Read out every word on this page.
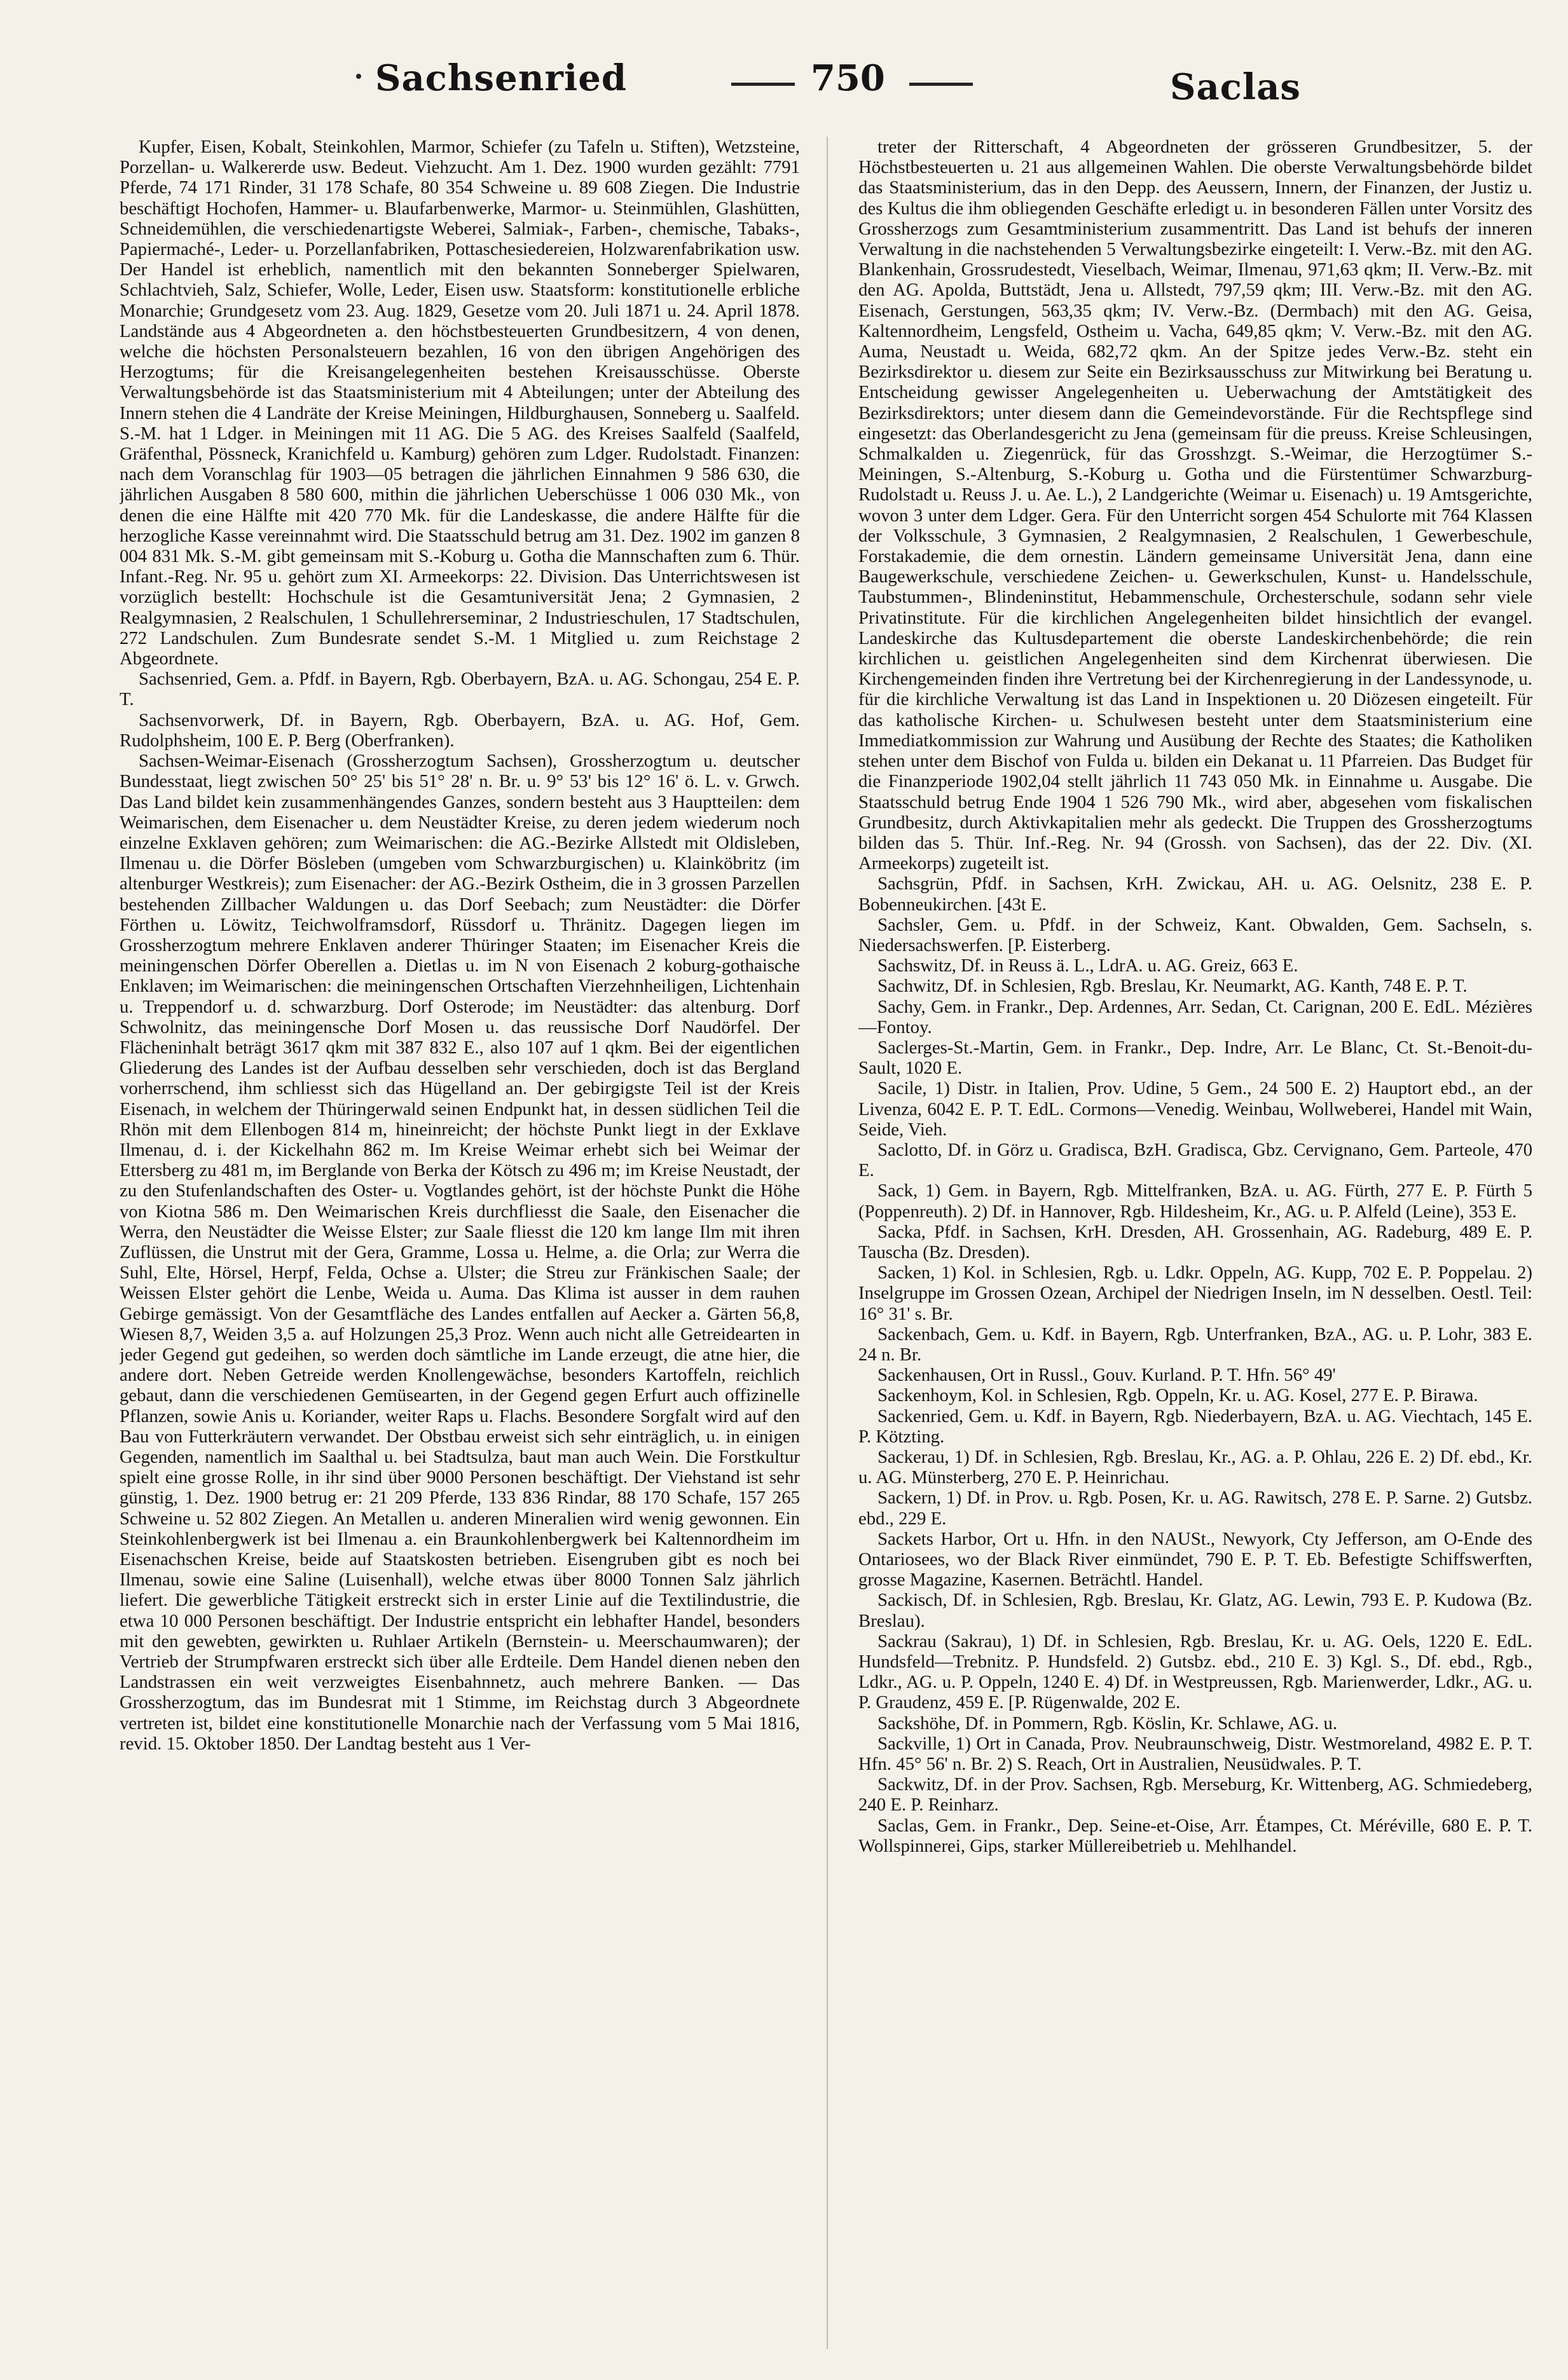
Sachsenried	750	Saclas

Kupfer, Eisen, Kobalt, Steinkohlen, Marmor, Schiefer (zu Tafeln u. Stiften), Wetzsteine, Porzellan- u. Walkererde usw. Bedeut. Viehzucht. Am 1. Dez. 1900 wurden gezählt: 7791 Pferde, 74 171 Rinder, 31 178 Schafe, 80 354 Schweine u. 89 608 Ziegen. Die Industrie beschäftigt Hochofen, Hammer- u. Blaufarbenwerke, Marmor- u. Steinmühlen, Glashütten, Schneidemühlen, die verschiedenartigste Weberei, Salmiak-, Farben-, chemische, Tabaks-, Papiermaché-, Leder- u. Porzellanfabriken, Pottaschesiedereien, Holzwarenfabrikation usw. Der Handel ist erheblich, namentlich mit den bekannten Sonneberger Spielwaren, Schlachtvieh, Salz, Schiefer, Wolle, Leder, Eisen usw. Staatsform: konstitutionelle erbliche Monarchie; Grundgesetz vom 23. Aug. 1829, Gesetze vom 20. Juli 1871 u. 24. April 1878. Landstände aus 4 Abgeordneten a. den höchstbesteuerten Grundbesitzern, 4 von denen, welche die höchsten Personalsteuern bezahlen, 16 von den übrigen Angehörigen des Herzogtums; für die Kreisangelegenheiten bestehen Kreisausschüsse. Oberste Verwaltungsbehörde ist das Staatsministerium mit 4 Abteilungen; unter der Abteilung des Innern stehen die 4 Landräte der Kreise Meiningen, Hildburghausen, Sonneberg u. Saalfeld. S.-M. hat 1 Ldger. in Meiningen mit 11 AG. Die 5 AG. des Kreises Saalfeld (Saalfeld, Gräfenthal, Pössneck, Kranichfeld u. Kamburg) gehören zum Ldger. Rudolstadt. Finanzen: nach dem Voranschlag für 1903—05 betragen die jährlichen Einnahmen 9 586 630, die jährlichen Ausgaben 8 580 600, mithin die jährlichen Ueberschüsse 1 006 030 Mk., von denen die eine Hälfte mit 420 770 Mk. für die Landeskasse, die andere Hälfte für die herzogliche Kasse vereinnahmt wird. Die Staatsschuld betrug am 31. Dez. 1902 im ganzen 8 004 831 Mk. S.-M. gibt gemeinsam mit S.-Koburg u. Gotha die Mannschaften zum 6. Thür. Infant.-Reg. Nr. 95 u. gehört zum XI. Armeekorps: 22. Division. Das Unterrichtswesen ist vorzüglich bestellt: Hochschule ist die Gesamtuniversität Jena; 2 Gymnasien, 2 Realgymnasien, 2 Realschulen, 1 Schullehrerseminar, 2 Industrieschulen, 17 Stadtschulen, 272 Landschulen. Zum Bundesrate sendet S.-M. 1 Mitglied u. zum Reichstage 2 Abgeordnete.

Sachsenried, Gem. a. Pfdf. in Bayern, Rgb. Oberbayern, BzA. u. AG. Schongau, 254 E. P. T.

Sachsenvorwerk, Df. in Bayern, Rgb. Oberbayern, BzA. u. AG. Hof, Gem. Rudolphsheim, 100 E. P. Berg (Oberfranken).

Sachsen-Weimar-Eisenach (Grossherzogtum Sachsen), Grossherzogtum u. deutscher Bundesstaat, liegt zwischen 50° 25' bis 51° 28' n. Br. u. 9° 53' bis 12° 16' ö. L. v. Grwch. Das Land bildet kein zusammenhängendes Ganzes, sondern besteht aus 3 Hauptteilen: dem Weimarischen, dem Eisenacher u. dem Neustädter Kreise, zu deren jedem wiederum noch einzelne Exklaven gehören; zum Weimarischen: die AG.-Bezirke Allstedt mit Oldisleben, Ilmenau u. die Dörfer Bösleben (umgeben vom Schwarzburgischen) u. Klainköbritz (im altenburger Westkreis); zum Eisenacher: der AG.-Bezirk Ostheim, die in 3 grossen Parzellen bestehenden Zillbacher Waldungen u. das Dorf Seebach; zum Neustädter: die Dörfer Förthen u. Löwitz, Teichwolframsdorf, Rüssdorf u. Thränitz. Dagegen liegen im Grossherzogtum mehrere Enklaven anderer Thüringer Staaten; im Eisenacher Kreis die meiningenschen Dörfer Oberellen a. Dietlas u. im N von Eisenach 2 koburg-gothaische Enklaven; im Weimarischen: die meiningenschen Ortschaften Vierzehnheiligen, Lichtenhain u. Treppendorf u. d. schwarzburg. Dorf Osterode; im Neustädter: das altenburg. Dorf Schwolnitz, das meiningensche Dorf Mosen u. das reussische Dorf Naudörfel. Der Flächeninhalt beträgt 3617 qkm mit 387 832 E., also 107 auf 1 qkm. Bei der eigentlichen Gliederung des Landes ist der Aufbau desselben sehr verschieden, doch ist das Bergland vorherrschend, ihm schliesst sich das Hügelland an. Der gebirgigste Teil ist der Kreis Eisenach, in welchem der Thüringerwald seinen Endpunkt hat, in dessen südlichen Teil die Rhön mit dem Ellenbogen 814 m, hineinreicht; der höchste Punkt liegt in der Exklave Ilmenau, d. i. der Kickelhahn 862 m. Im Kreise Weimar erhebt sich bei Weimar der Ettersberg zu 481 m, im Berglande von Berka der Kötsch zu 496 m; im Kreise Neustadt, der zu den Stufenlandschaften des Oster- u. Vogtlandes gehört, ist der höchste Punkt die Höhe von Kiotna 586 m. Den Weimarischen Kreis durchfliesst die Saale, den Eisenacher die Werra, den Neustädter die Weisse Elster; zur Saale fliesst die 120 km lange Ilm mit ihren Zuflüssen, die Unstrut mit der Gera, Gramme, Lossa u. Helme, a. die Orla; zur Werra die Suhl, Elte, Hörsel, Herpf, Felda, Ochse a. Ulster; die Streu zur Fränkischen Saale; der Weissen Elster gehört die Lenbe, Weida u. Auma. Das Klima ist ausser in dem rauhen Gebirge gemässigt. Von der Gesamtfläche des Landes entfallen auf Aecker a. Gärten 56,8, Wiesen 8,7, Weiden 3,5 a. auf Holzungen 25,3 Proz. Wenn auch nicht alle Getreidearten in jeder Gegend gut gedeihen, so werden doch sämtliche im Lande erzeugt, die atne hier, die andere dort. Neben Getreide werden Knollengewächse, besonders Kartoffeln, reichlich gebaut, dann die verschiedenen Gemüsearten, in der Gegend gegen Erfurt auch offizinelle Pflanzen, sowie Anis u. Koriander, weiter Raps u. Flachs. Besondere Sorgfalt wird auf den Bau von Futterkräutern verwandet. Der Obstbau erweist sich sehr einträglich, u. in einigen Gegenden, namentlich im Saalthal u. bei Stadtsulza, baut man auch Wein. Die Forstkultur spielt eine grosse Rolle, in ihr sind über 9000 Personen beschäftigt. Der Viehstand ist sehr günstig, 1. Dez. 1900 betrug er: 21 209 Pferde, 133 836 Rindar, 88 170 Schafe, 157 265 Schweine u. 52 802 Ziegen. An Metallen u. anderen Mineralien wird wenig gewonnen. Ein Steinkohlenbergwerk ist bei Ilmenau a. ein Braunkohlenbergwerk bei Kaltennordheim im Eisenachschen Kreise, beide auf Staatskosten betrieben. Eisengruben gibt es noch bei Ilmenau, sowie eine Saline (Luisenhall), welche etwas über 8000 Tonnen Salz jährlich liefert. Die gewerbliche Tätigkeit erstreckt sich in erster Linie auf die Textilindustrie, die etwa 10 000 Personen beschäftigt. Der Industrie entspricht ein lebhafter Handel, besonders mit den gewebten, gewirkten u. Ruhlaer Artikeln (Bernstein- u. Meerschaumwaren); der Vertrieb der Strumpfwaren erstreckt sich über alle Erdteile. Dem Handel dienen neben den Landstrassen ein weit verzweigtes Eisenbahnnetz, auch mehrere Banken. — Das Grossherzogtum, das im Bundesrat mit 1 Stimme, im Reichstag durch 3 Abgeordnete vertreten ist, bildet eine konstitutionelle Monarchie nach der Verfassung vom 5 Mai 1816, revid. 15. Oktober 1850. Der Landtag besteht aus 1 Ver-

treter der Ritterschaft, 4 Abgeordneten der grösseren Grundbesitzer, 5. der Höchstbesteuerten u. 21 aus allgemeinen Wahlen. Die oberste Verwaltungsbehörde bildet das Staatsministerium, das in den Depp. des Aeussern, Innern, der Finanzen, der Justiz u. des Kultus die ihm obliegenden Geschäfte erledigt u. in besonderen Fällen unter Vorsitz des Grossherzogs zum Gesamtministerium zusammentritt. Das Land ist behufs der inneren Verwaltung in die nachstehenden 5 Verwaltungsbezirke eingeteilt: I. Verw.-Bz. mit den AG. Blankenhain, Grossrudestedt, Vieselbach, Weimar, Ilmenau, 971,63 qkm; II. Verw.-Bz. mit den AG. Apolda, Buttstädt, Jena u. Allstedt, 797,59 qkm; III. Verw.-Bz. mit den AG. Eisenach, Gerstungen, 563,35 qkm; IV. Verw.-Bz. (Dermbach) mit den AG. Geisa, Kaltennordheim, Lengsfeld, Ostheim u. Vacha, 649,85 qkm; V. Verw.-Bz. mit den AG. Auma, Neustadt u. Weida, 682,72 qkm. An der Spitze jedes Verw.-Bz. steht ein Bezirksdirektor u. diesem zur Seite ein Bezirksausschuss zur Mitwirkung bei Beratung u. Entscheidung gewisser Angelegenheiten u. Ueberwachung der Amtstätigkeit des Bezirksdirektors; unter diesem dann die Gemeindevorstände. Für die Rechtspflege sind eingesetzt: das Oberlandesgericht zu Jena (gemeinsam für die preuss. Kreise Schleusingen, Schmalkalden u. Ziegenrück, für das Grosshzgt. S.-Weimar, die Herzogtümer S.-Meiningen, S.-Altenburg, S.-Koburg u. Gotha und die Fürstentümer Schwarzburg-Rudolstadt u. Reuss J. u. Ae. L.), 2 Landgerichte (Weimar u. Eisenach) u. 19 Amtsgerichte, wovon 3 unter dem Ldger. Gera. Für den Unterricht sorgen 454 Schulorte mit 764 Klassen der Volksschule, 3 Gymnasien, 2 Realgymnasien, 2 Realschulen, 1 Gewerbeschule, Forstakademie, die dem ornestin. Ländern gemeinsame Universität Jena, dann eine Baugewerkschule, verschiedene Zeichen- u. Gewerkschulen, Kunst- u. Handelsschule, Taubstummen-, Blindeninstitut, Hebammenschule, Orchesterschule, sodann sehr viele Privatinstitute. Für die kirchlichen Angelegenheiten bildet hinsichtlich der evangel. Landeskirche das Kultusdepartement die oberste Landeskirchenbehörde; die rein kirchlichen u. geistlichen Angelegenheiten sind dem Kirchenrat überwiesen. Die Kirchengemeinden finden ihre Vertretung bei der Kirchenregierung in der Landessynode, u. für die kirchliche Verwaltung ist das Land in Inspektionen u. 20 Diözesen eingeteilt. Für das katholische Kirchen- u. Schulwesen besteht unter dem Staatsministerium eine Immediatkommission zur Wahrung und Ausübung der Rechte des Staates; die Katholiken stehen unter dem Bischof von Fulda u. bilden ein Dekanat u. 11 Pfarreien. Das Budget für die Finanzperiode 1902,04 stellt jährlich 11 743 050 Mk. in Einnahme u. Ausgabe. Die Staatsschuld betrug Ende 1904 1 526 790 Mk., wird aber, abgesehen vom fiskalischen Grundbesitz, durch Aktivkapitalien mehr als gedeckt. Die Truppen des Grossherzogtums bilden das 5. Thür. Inf.-Reg. Nr. 94 (Grossh. von Sachsen), das der 22. Div. (XI. Armeekorps) zugeteilt ist.

Sachsgrün, Pfdf. in Sachsen, KrH. Zwickau, AH. u. AG. Oelsnitz, 238 E. P. Bobenneukirchen. [43t E.

Sachsler, Gem. u. Pfdf. in der Schweiz, Kant. Obwalden, Gem. Sachseln, s. Niedersachswerfen. [P. Eisterberg.

Sachswitz, Df. in Reuss ä. L., LdrA. u. AG. Greiz, 663 E.

Sachwitz, Df. in Schlesien, Rgb. Breslau, Kr. Neumarkt, AG. Kanth, 748 E. P. T.

Sachy, Gem. in Frankr., Dep. Ardennes, Arr. Sedan, Ct. Carignan, 200 E. EdL. Mézières—Fontoy.

Saclerges-St.-Martin, Gem. in Frankr., Dep. Indre, Arr. Le Blanc, Ct. St.-Benoit-du-Sault, 1020 E.

Sacile, 1) Distr. in Italien, Prov. Udine, 5 Gem., 24 500 E. 2) Hauptort ebd., an der Livenza, 6042 E. P. T. EdL. Cormons—Venedig. Weinbau, Wollweberei, Handel mit Wain, Seide, Vieh.

Saclotto, Df. in Görz u. Gradisca, BzH. Gradisca, Gbz. Cervignano, Gem. Parteole, 470 E.

Sack, 1) Gem. in Bayern, Rgb. Mittelfranken, BzA. u. AG. Fürth, 277 E. P. Fürth 5 (Poppenreuth). 2) Df. in Hannover, Rgb. Hildesheim, Kr., AG. u. P. Alfeld (Leine), 353 E.

Sacka, Pfdf. in Sachsen, KrH. Dresden, AH. Grossenhain, AG. Radeburg, 489 E. P. Tauscha (Bz. Dresden).

Sacken, 1) Kol. in Schlesien, Rgb. u. Ldkr. Oppeln, AG. Kupp, 702 E. P. Poppelau. 2) Inselgruppe im Grossen Ozean, Archipel der Niedrigen Inseln, im N desselben. Oestl. Teil: 16° 31' s. Br.

Sackenbach, Gem. u. Kdf. in Bayern, Rgb. Unterfranken, BzA., AG. u. P. Lohr, 383 E. 24 n. Br.

Sackenhausen, Ort in Russl., Gouv. Kurland. P. T. Hfn. 56° 49'

Sackenhoym, Kol. in Schlesien, Rgb. Oppeln, Kr. u. AG. Kosel, 277 E. P. Birawa.

Sackenried, Gem. u. Kdf. in Bayern, Rgb. Niederbayern, BzA. u. AG. Viechtach, 145 E. P. Kötzting.

Sackerau, 1) Df. in Schlesien, Rgb. Breslau, Kr., AG. a. P. Ohlau, 226 E. 2) Df. ebd., Kr. u. AG. Münsterberg, 270 E. P. Heinrichau.

Sackern, 1) Df. in Prov. u. Rgb. Posen, Kr. u. AG. Rawitsch, 278 E. P. Sarne. 2) Gutsbz. ebd., 229 E.

Sackets Harbor, Ort u. Hfn. in den NAUSt., Newyork, Cty Jefferson, am O-Ende des Ontariosees, wo der Black River einmündet, 790 E. P. T. Eb. Befestigte Schiffswerften, grosse Magazine, Kasernen. Beträchtl. Handel.

Sackisch, Df. in Schlesien, Rgb. Breslau, Kr. Glatz, AG. Lewin, 793 E. P. Kudowa (Bz. Breslau).

Sackrau (Sakrau), 1) Df. in Schlesien, Rgb. Breslau, Kr. u. AG. Oels, 1220 E. EdL. Hundsfeld—Trebnitz. P. Hundsfeld. 2) Gutsbz. ebd., 210 E. 3) Kgl. S., Df. ebd., Rgb., Ldkr., AG. u. P. Oppeln, 1240 E. 4) Df. in Westpreussen, Rgb. Marienwerder, Ldkr., AG. u. P. Graudenz, 459 E. [P. Rügenwalde, 202 E.

Sackshöhe, Df. in Pommern, Rgb. Köslin, Kr. Schlawe, AG. u.

Sackville, 1) Ort in Canada, Prov. Neubraunschweig, Distr. Westmoreland, 4982 E. P. T. Hfn. 45° 56' n. Br. 2) S. Reach, Ort in Australien, Neusüdwales. P. T.

Sackwitz, Df. in der Prov. Sachsen, Rgb. Merseburg, Kr. Wittenberg, AG. Schmiedeberg, 240 E. P. Reinharz.

Saclas, Gem. in Frankr., Dep. Seine-et-Oise, Arr. Étampes, Ct. Méréville, 680 E. P. T. Wollspinnerei, Gips, starker Müllereibetrieb u. Mehlhandel.
